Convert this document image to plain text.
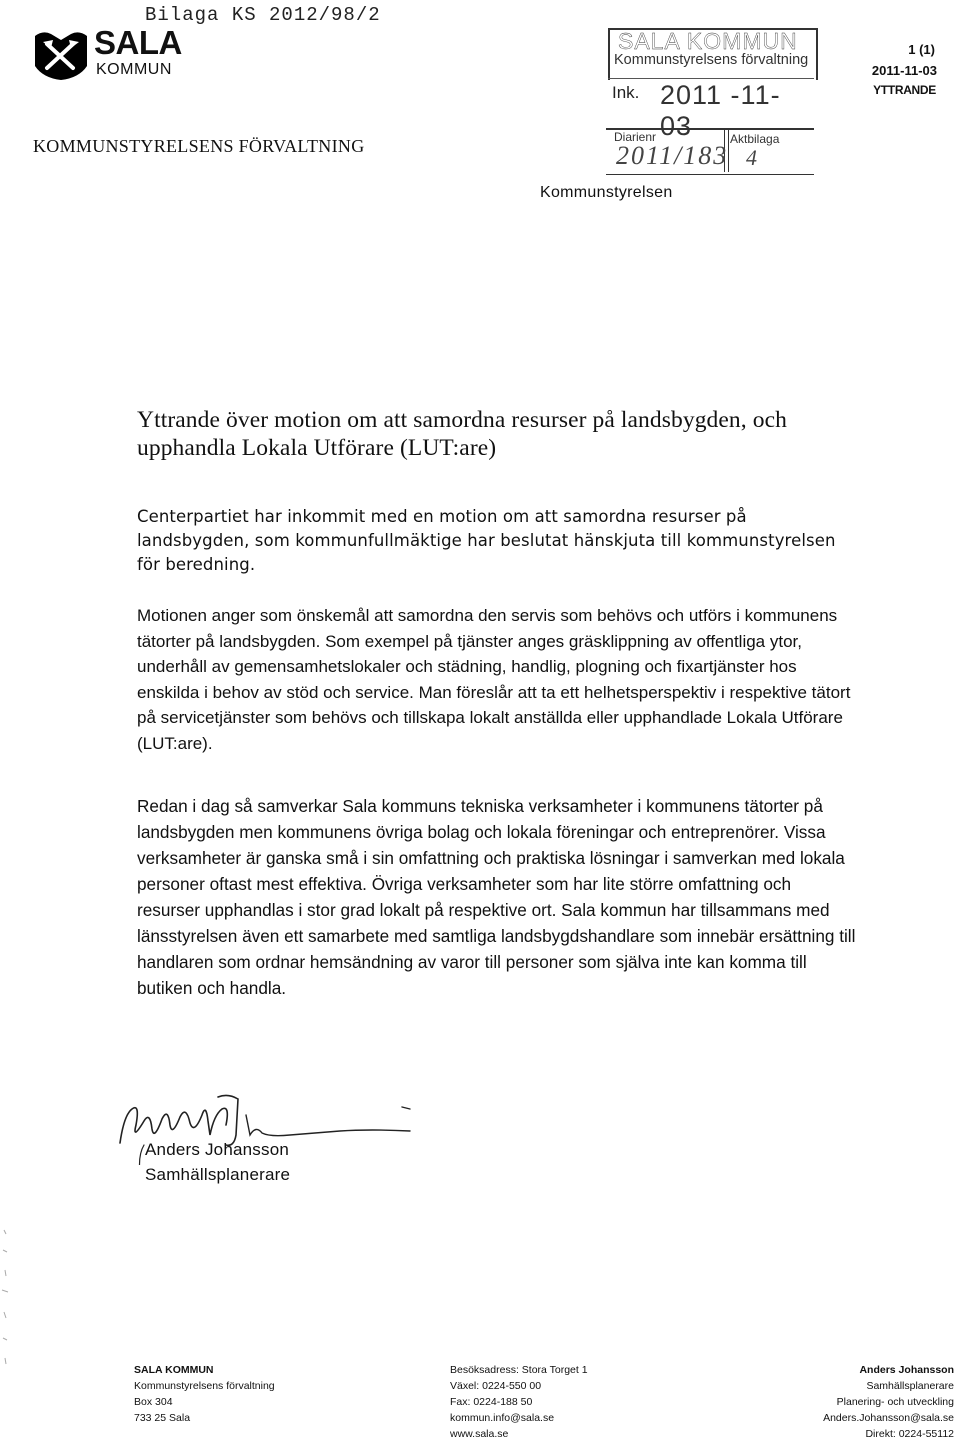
Bilaga KS 2012/98/2
SALA
KOMMUN
KOMMUNSTYRELSENS FÖRVALTNING
SALA KOMMUN
Kommunstyrelsens förvaltning
Ink. 2011 -11- 03
Diarienr
2011/183
Aktbilaga
4
1 (1)
2011-11-03
YTTRANDE
Kommunstyrelsen
Yttrande över motion om att samordna resurser på landsbygden, och upphandla Lokala Utförare (LUT:are)
Centerpartiet har inkommit med en motion om att samordna resurser på landsbygden, som kommunfullmäktige har beslutat hänskjuta till kommunstyrelsen för beredning.
Motionen anger som önskemål att samordna den servis som behövs och utförs i kommunens tätorter på landsbygden. Som exempel på tjänster anges gräsklippning av offentliga ytor, underhåll av gemensamhetslokaler och städning, handlig, plogning och fixartjänster hos enskilda i behov av stöd och service. Man föreslår att ta ett helhetsperspektiv i respektive tätort på servicetjänster som behövs och tillskapa lokalt anställda eller upphandlade Lokala Utförare (LUT:are).
Redan i dag så samverkar Sala kommuns tekniska verksamheter i kommunens tätorter på landsbygden men kommunens övriga bolag och lokala föreningar och entreprenörer. Vissa verksamheter är ganska små i sin omfattning och praktiska lösningar i samverkan med lokala personer oftast mest effektiva. Övriga verksamheter som har lite större omfattning och resurser upphandlas i stor grad lokalt på respektive ort. Sala kommun har tillsammans med länsstyrelsen även ett samarbete med samtliga landsbygdshandlare som innebär ersättning till handlaren som ordnar hemsändning av varor till personer som själva inte kan komma till butiken och handla.
Anders Johansson
Samhällsplanerare
SALA KOMMUN
Kommunstyrelsens förvaltning
Box 304
733 25 Sala
Besöksadress: Stora Torget 1
Växel: 0224-550 00
Fax: 0224-188 50
kommun.info@sala.se
www.sala.se
Anders Johansson
Samhällsplanerare
Planering- och utveckling
Anders.Johansson@sala.se
Direkt: 0224-55112
